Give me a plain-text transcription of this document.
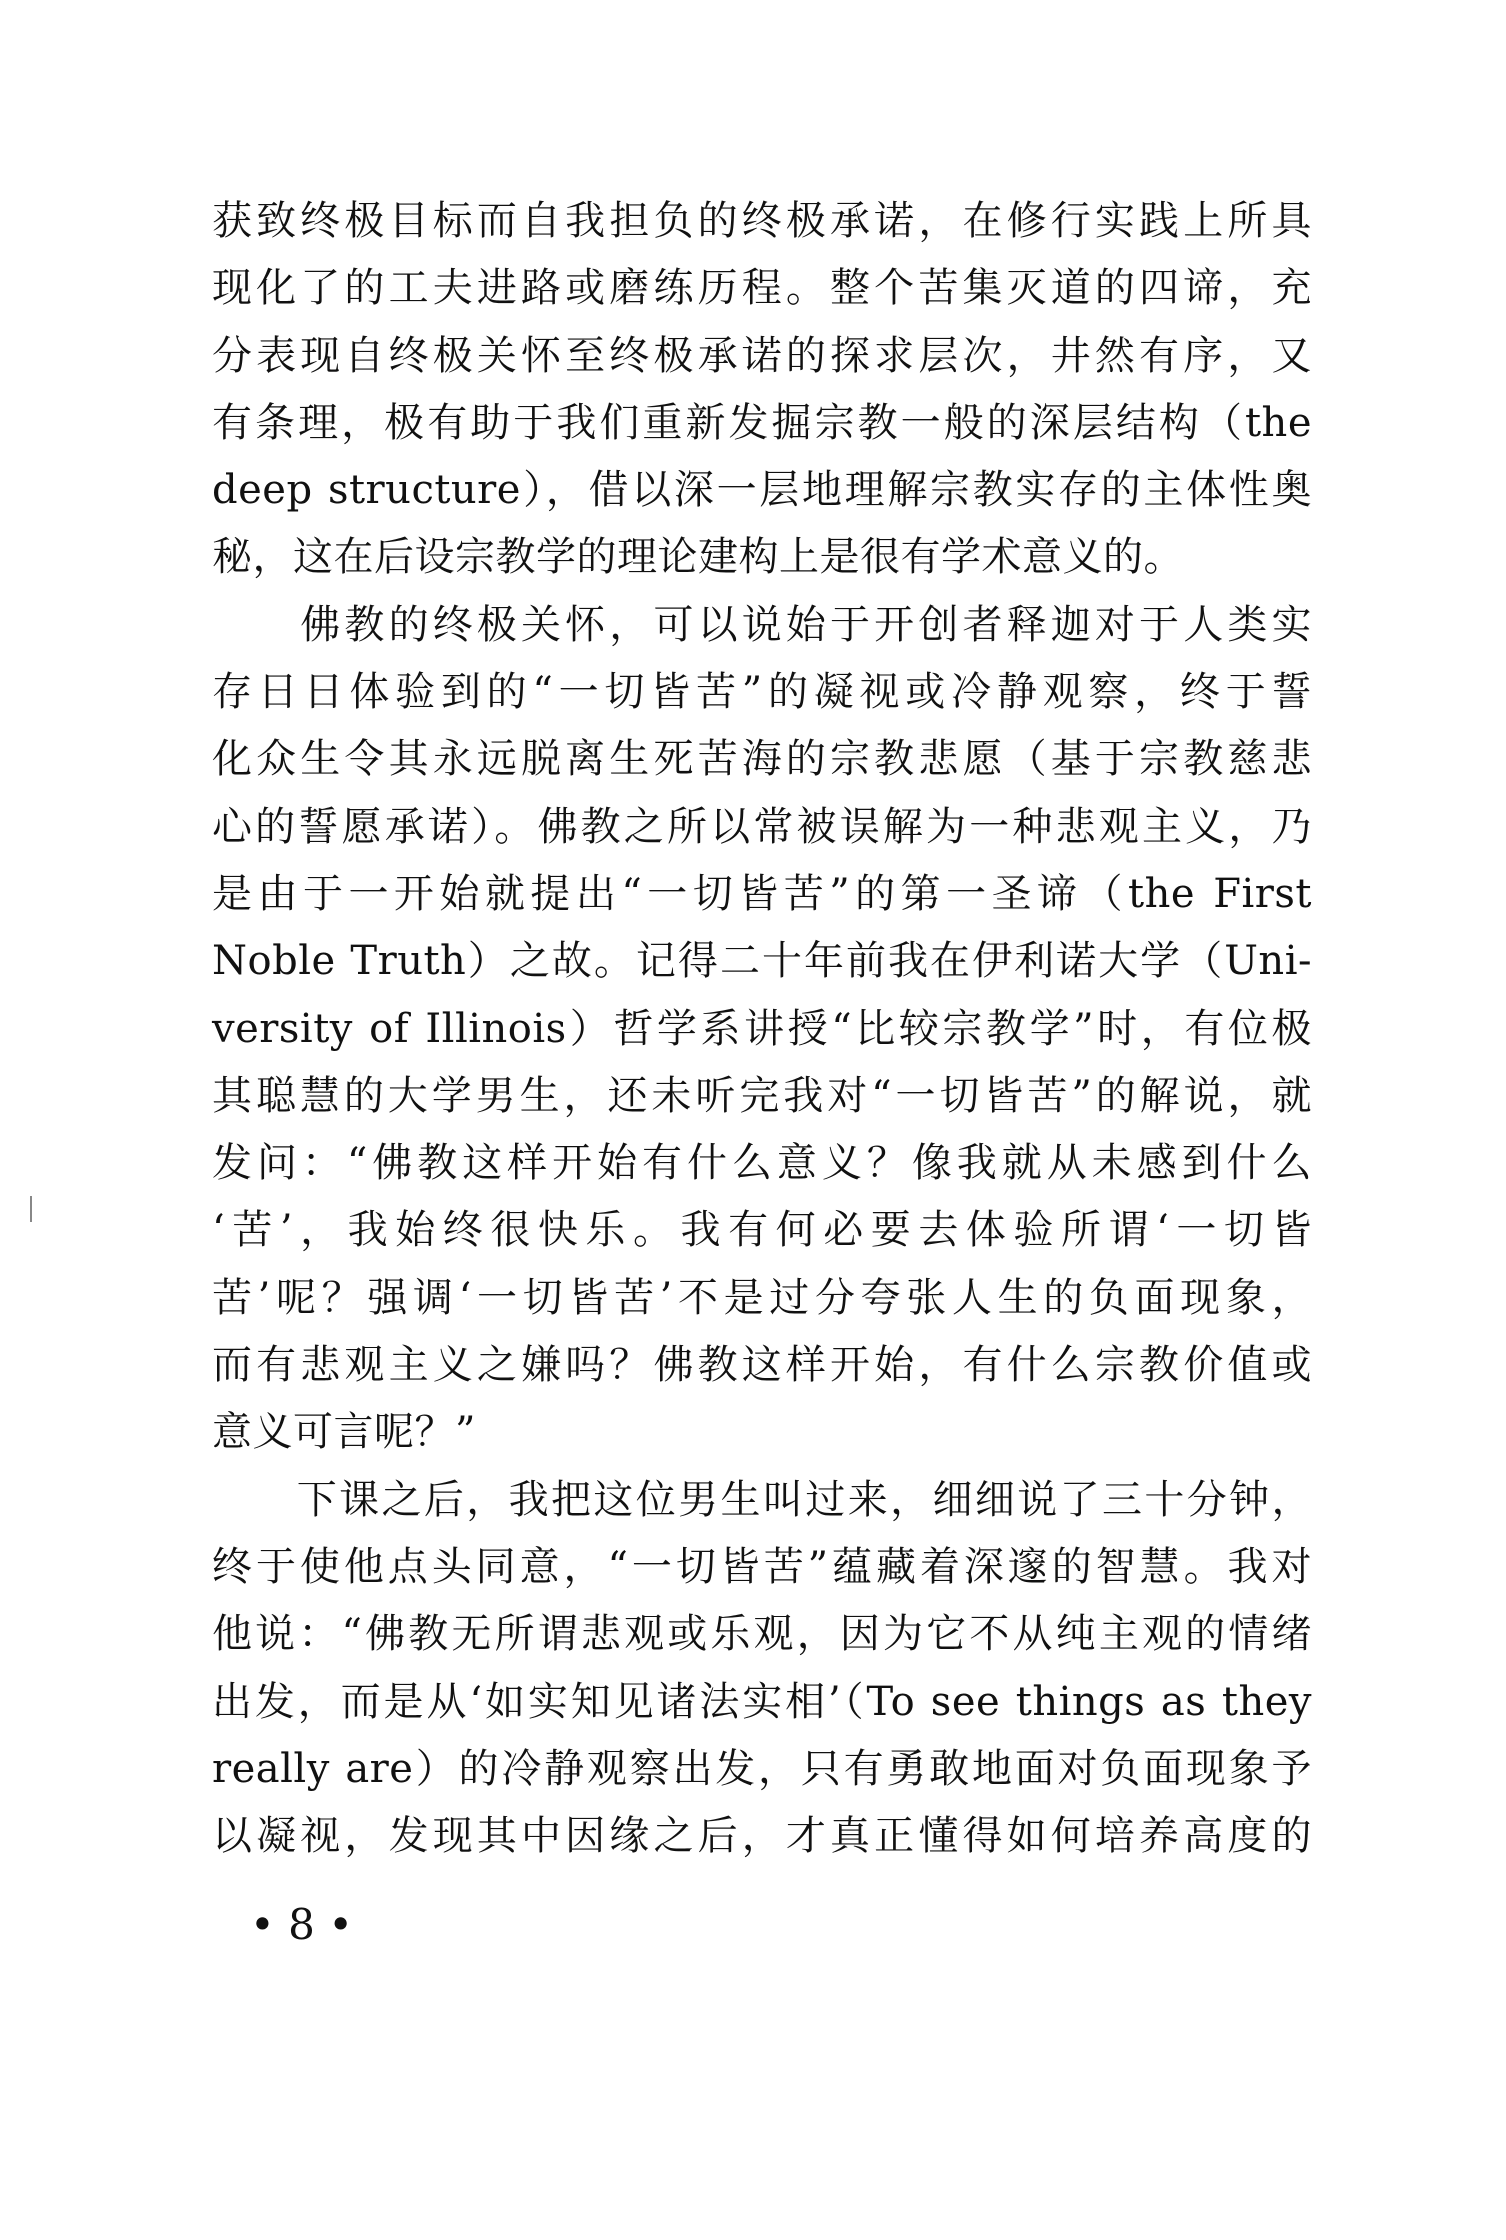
获致终极目标而自我担负的终极承诺，在修行实践上所具
现化了的工夫进路或磨练历程。整个苦集灭道的四谛，充
分表现自终极关怀至终极承诺的探求层次，井然有序，又
有条理，极有助于我们重新发掘宗教一般的深层结构（the
deep structure），借以深一层地理解宗教实存的主体性奥
秘，这在后设宗教学的理论建构上是很有学术意义的。
　　佛教的终极关怀，可以说始于开创者释迦对于人类实
存日日体验到的“一切皆苦”的凝视或冷静观察，终于誓
化众生令其永远脱离生死苦海的宗教悲愿（基于宗教慈悲
心的誓愿承诺）。佛教之所以常被误解为一种悲观主义，乃
是由于一开始就提出“一切皆苦”的第一圣谛（the First
Noble Truth）之故。记得二十年前我在伊利诺大学（Uni-
versity of Illinois）哲学系讲授“比较宗教学”时，有位极
其聪慧的大学男生，还未听完我对“一切皆苦”的解说，就
发问：“佛教这样开始有什么意义？像我就从未感到什么
‘苦’，我始终很快乐。我有何必要去体验所谓‘一切皆
苦’呢？强调‘一切皆苦’不是过分夸张人生的负面现象，
而有悲观主义之嫌吗？佛教这样开始，有什么宗教价值或
意义可言呢？”
　　下课之后，我把这位男生叫过来，细细说了三十分钟，
终于使他点头同意，“一切皆苦”蕴藏着深邃的智慧。我对
他说：“佛教无所谓悲观或乐观，因为它不从纯主观的情绪
出发，而是从‘如实知见诸法实相’（To see things as they
really are）的冷静观察出发，只有勇敢地面对负面现象予
以凝视，发现其中因缘之后，才真正懂得如何培养高度的
• 8 •
